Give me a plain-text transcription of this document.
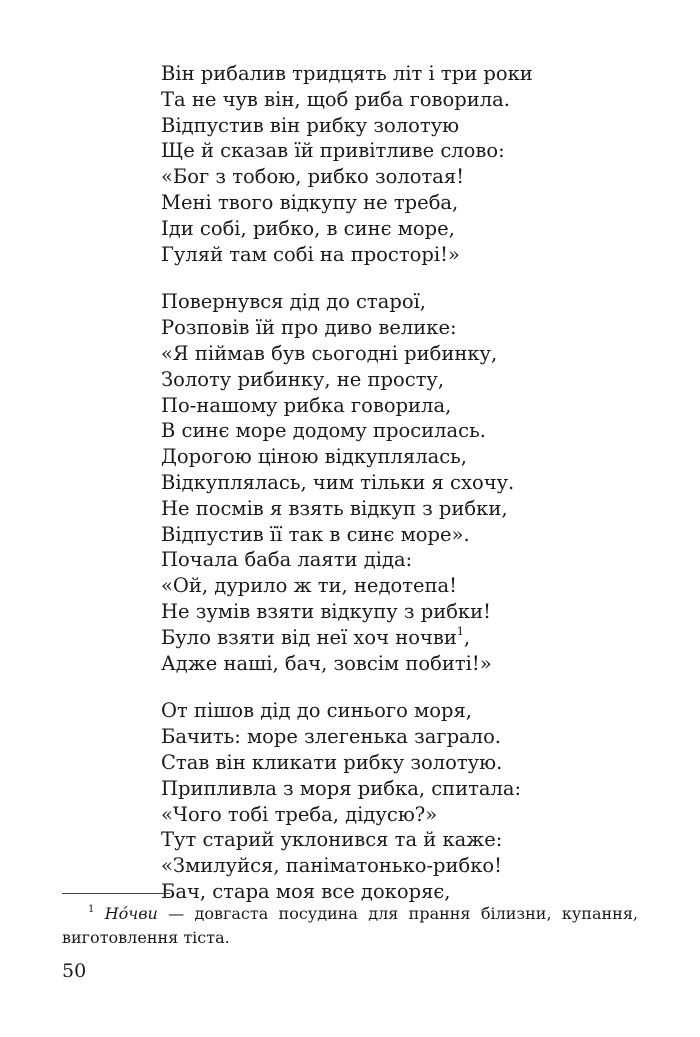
Він рибалив тридцять літ і три роки
Та не чув він, щоб риба говорила.
Відпустив він рибку золотую
Ще й сказав їй привітливе слово:
«Бог з тобою, рибко золотая!
Мені твого відкупу не треба,
Іди собі, рибко, в синє море,
Гуляй там собі на просторі!»
Повернувся дід до старої,
Розповів їй про диво велике:
«Я піймав був сьогодні рибинку,
Золоту рибинку, не просту,
По-нашому рибка говорила,
В синє море додому просилась.
Дорогою ціною відкуплялась,
Відкуплялась, чим тільки я схочу.
Не посмів я взять відкуп з рибки,
Відпустив її так в синє море».
Почала баба лаяти діда:
«Ой, дурило ж ти, недотепа!
Не зумів взяти відкупу з рибки!
Було взяти від неї хоч ночви$^1$,
Адже наші, бач, зовсім побиті!»
От пішов дід до синього моря,
Бачить: море злегенька заграло.
Став він кликати рибку золотую.
Припливла з моря рибка, спитала:
«Чого тобі треба, дідусю?»
Тут старий уклонився та й каже:
«Змилуйся, паніматонько-рибко!
Бач, стара моя все докоряє,
$^1$ Нóчви — довгаста посудина для прання білизни, купання, виготовлення тіста.
50
